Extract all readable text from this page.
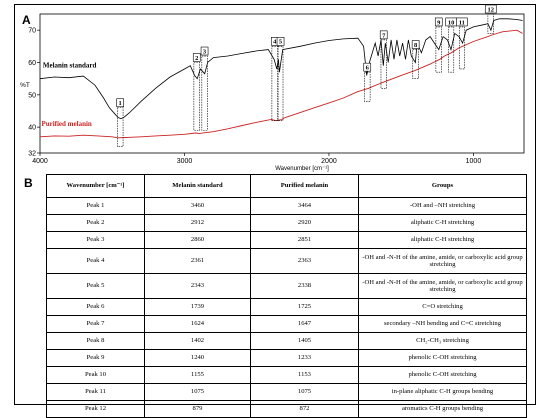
A
B
4000	3000	2000	1000
32
40
50
60
70
Wavenumber [cm⁻¹]
%T
Melanin standard
Purified melanin
1
2
3
4 5
6
7
8
9 10 11
12
Wavenumber [cm⁻¹]	Melanin standard	Purified melanin	Groups
Peak 1	3460	3464	-OH and –NH stretching
Peak 2	2912	2920	aliphatic C-H stretching
Peak 3	2860	2851	aliphatic C-H stretching
Peak 4	2361	2363	-OH and -N-H of the amine, amide, or carboxylic acid group stretching
Peak 5	2343	2338	-OH and -N-H of the amine, amide, or carboxylic acid group stretching
Peak 6	1739	1725	C=O stretching
Peak 7	1624	1647	secondary –NH bending and C=C stretching
Peak 8	1402	1405	CH₂-CH₃ stretching
Peak 9	1240	1233	phenolic C-OH stretching
Peak 10	1155	1153	phenolic C-OH stretching
Peak 11	1075	1075	in-plane aliphatic C-H groups bending
Peak 12	879	872	aromatics C-H groups bending
